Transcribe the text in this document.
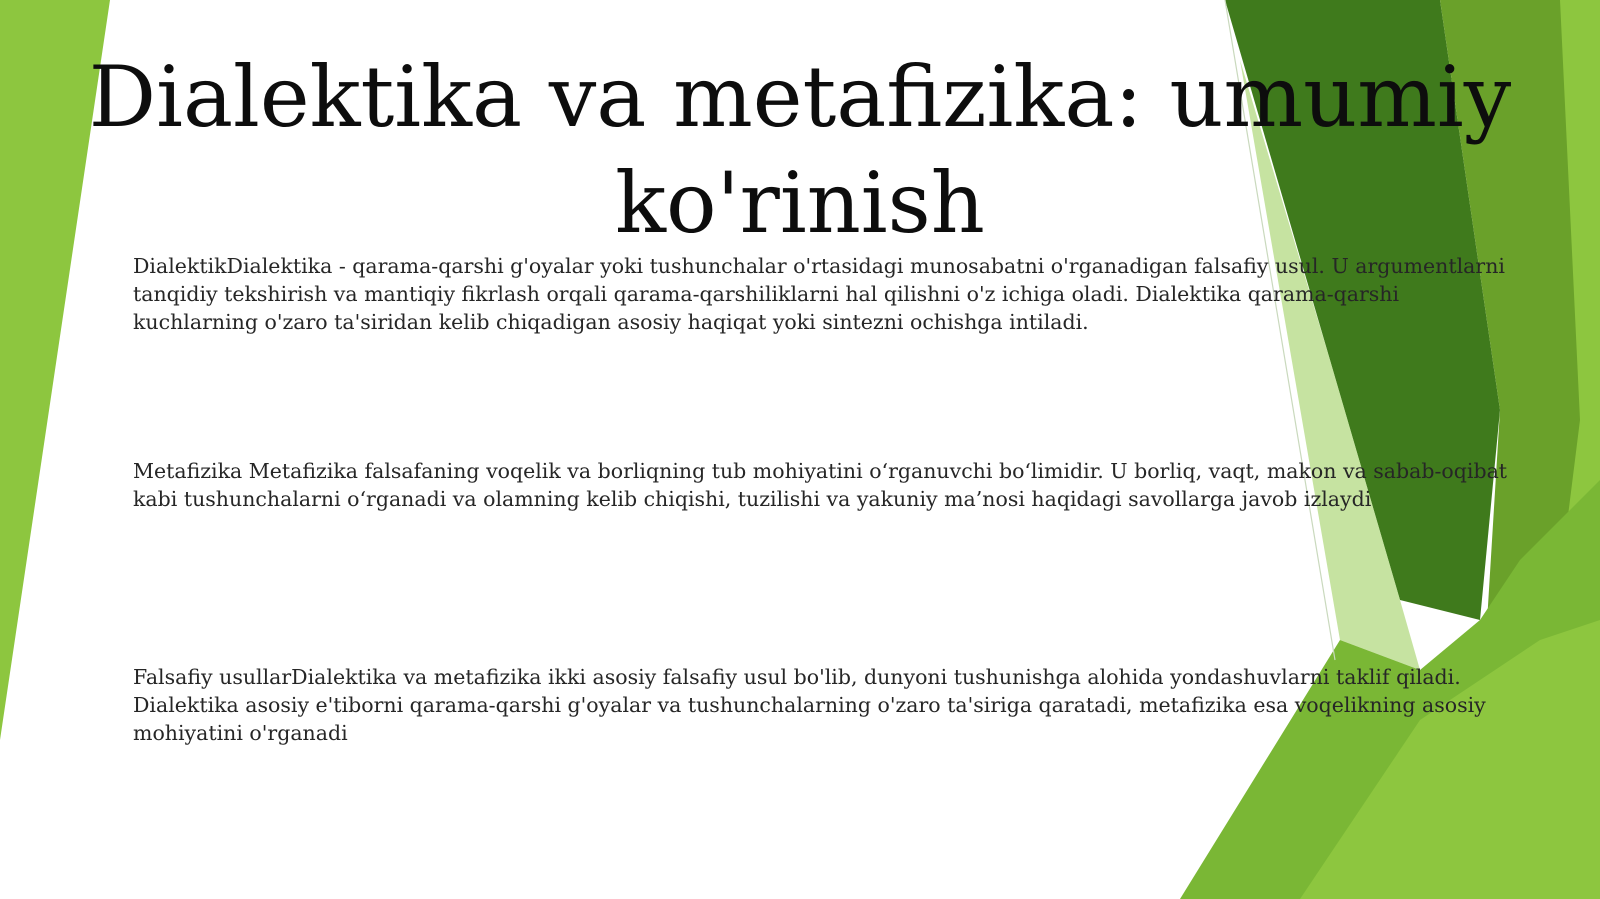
Dialektika va metafizika: umumiy ko'rinish

DialektikDialektika - qarama-qarshi g'oyalar yoki tushunchalar o'rtasidagi munosabatni o'rganadigan falsafiy usul. U argumentlarni tanqidiy tekshirish va mantiqiy fikrlash orqali qarama-qarshiliklarni hal qilishni o'z ichiga oladi. Dialektika qarama-qarshi kuchlarning o'zaro ta'siridan kelib chiqadigan asosiy haqiqat yoki sintezni ochishga intiladi.

Metafizika Metafizika falsafaning voqelik va borliqning tub mohiyatini o‘rganuvchi bo‘limidir. U borliq, vaqt, makon va sabab-oqibat kabi tushunchalarni o‘rganadi va olamning kelib chiqishi, tuzilishi va yakuniy ma’nosi haqidagi savollarga javob izlaydi

Falsafiy usullarDialektika va metafizika ikki asosiy falsafiy usul bo'lib, dunyoni tushunishga alohida yondashuvlarni taklif qiladi. Dialektika asosiy e'tiborni qarama-qarshi g'oyalar va tushunchalarning o'zaro ta'siriga qaratadi, metafizika esa voqelikning asosiy mohiyatini o'rganadi
